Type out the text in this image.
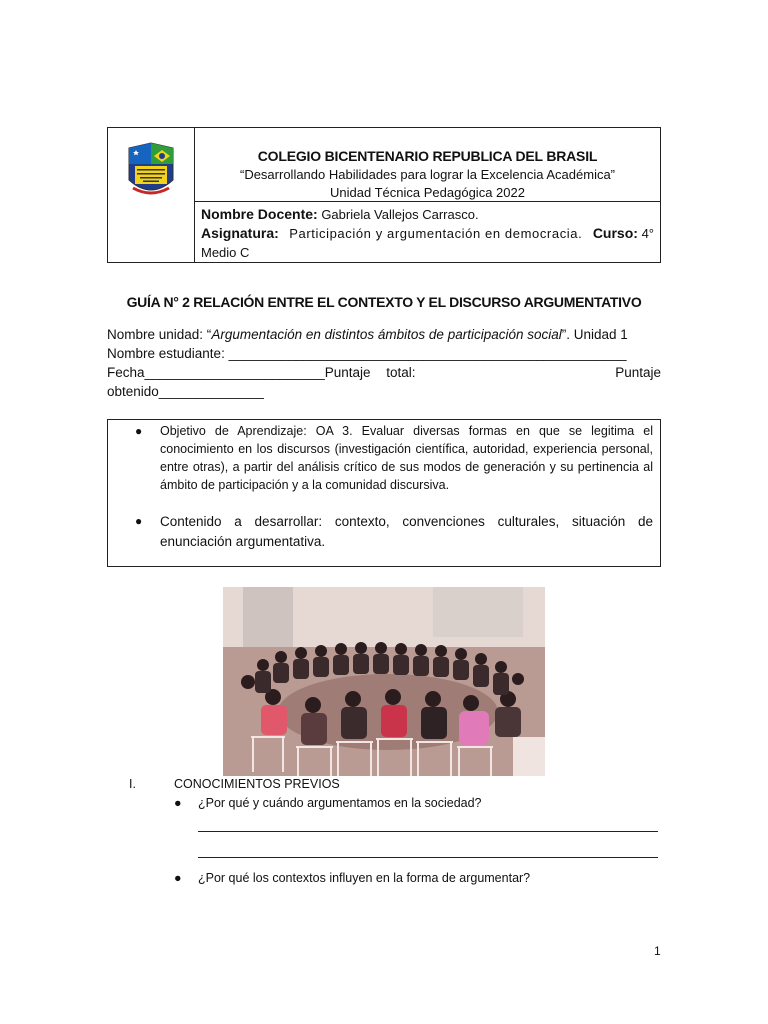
COLEGIO BICENTENARIO REPUBLICA DEL BRASIL
“Desarrollando Habilidades para lograr la Excelencia Académica”
Unidad Técnica Pedagógica 2022
Nombre Docente: Gabriela Vallejos Carrasco.
Asignatura: Participación y argumentación en democracia. Curso: 4°
Medio C
GUÍA N° 2 RELACIÓN ENTRE EL CONTEXTO Y EL DISCURSO ARGUMENTATIVO
Nombre unidad: “Argumentación en distintos ámbitos de participación social”. Unidad 1
Nombre estudiante: _____________________________________________________
Fecha________________________Puntaje total:	Puntaje
obtenido______________
●	Objetivo de Aprendizaje: OA 3. Evaluar diversas formas en que se legitima el conocimiento en los discursos (investigación científica, autoridad, experiencia personal, entre otras), a partir del análisis crítico de sus modos de generación y su pertinencia al ámbito de participación y a la comunidad discursiva.
●	Contenido a desarrollar: contexto, convenciones culturales, situación de enunciación argumentativa.
I.	CONOCIMIENTOS PREVIOS
●	¿Por qué y cuándo argumentamos en la sociedad?
●	¿Por qué los contextos influyen en la forma de argumentar?
1
